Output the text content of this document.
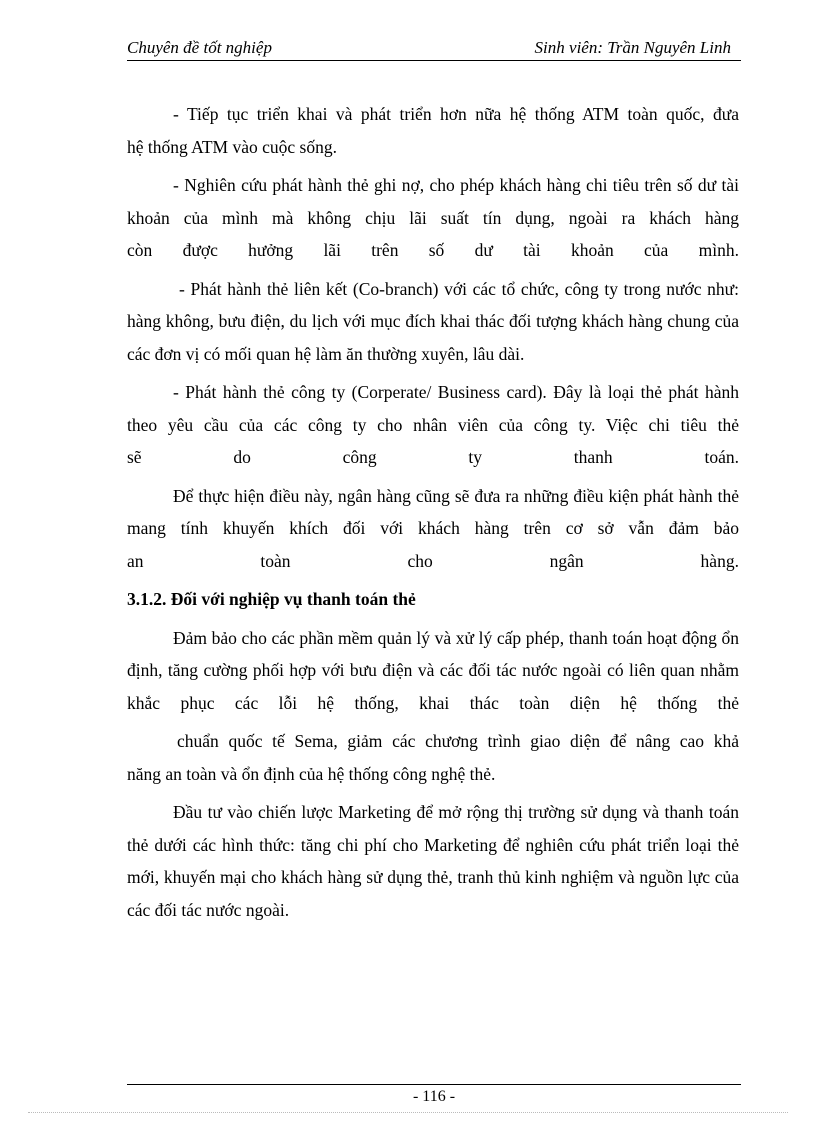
Chuyên đề tốt nghiệp	Sinh viên: Trần Nguyên Linh
- Tiếp tục triển khai và phát triển hơn nữa hệ thống ATM toàn quốc, đưa
hệ thống ATM vào cuộc sống.
- Nghiên cứu phát hành thẻ ghi nợ, cho phép khách hàng chi tiêu trên số dư tài khoản của mình mà không chịu lãi suất tín dụng, ngoài ra khách hàng
còn được hưởng lãi trên số dư tài khoản của mình.
- Phát hành thẻ liên kết (Co-branch) với các tổ chức, công ty trong nước như: hàng không, bưu điện, du lịch với mục đích khai thác đối tượng khách hàng chung của các đơn vị có mối quan hệ làm ăn thường xuyên, lâu dài.
- Phát hành thẻ công ty (Corperate/ Business card). Đây là loại thẻ phát hành theo yêu cầu của các công ty cho nhân viên của công ty. Việc chi tiêu thẻ
sẽ	do	công	ty	thanh	toán.
Để thực hiện điều này, ngân hàng cũng sẽ đưa ra những điều kiện phát hành thẻ mang tính khuyến khích đối với khách hàng trên cơ sở vẫn đảm bảo
an	toàn	cho	ngân	hàng.
3.1.2. Đối với nghiệp vụ thanh toán thẻ
Đảm bảo cho các phần mềm quản lý và xử lý cấp phép, thanh toán hoạt động ổn định, tăng cường phối hợp với bưu điện và các đối tác nước ngoài có liên quan nhằm khắc phục các lỗi hệ thống, khai thác toàn diện hệ thống thẻ
chuẩn quốc tế Sema, giảm các chương trình giao diện để nâng cao khả
năng an toàn và ổn định của hệ thống công nghệ thẻ.
Đầu tư vào chiến lược Marketing để mở rộng thị trường sử dụng và thanh toán thẻ dưới các hình thức: tăng chi phí cho Marketing để nghiên cứu phát triển loại thẻ mới, khuyến mại cho khách hàng sử dụng thẻ, tranh thủ kinh nghiệm và nguồn lực của các đối tác nước ngoài.
- 116 -
